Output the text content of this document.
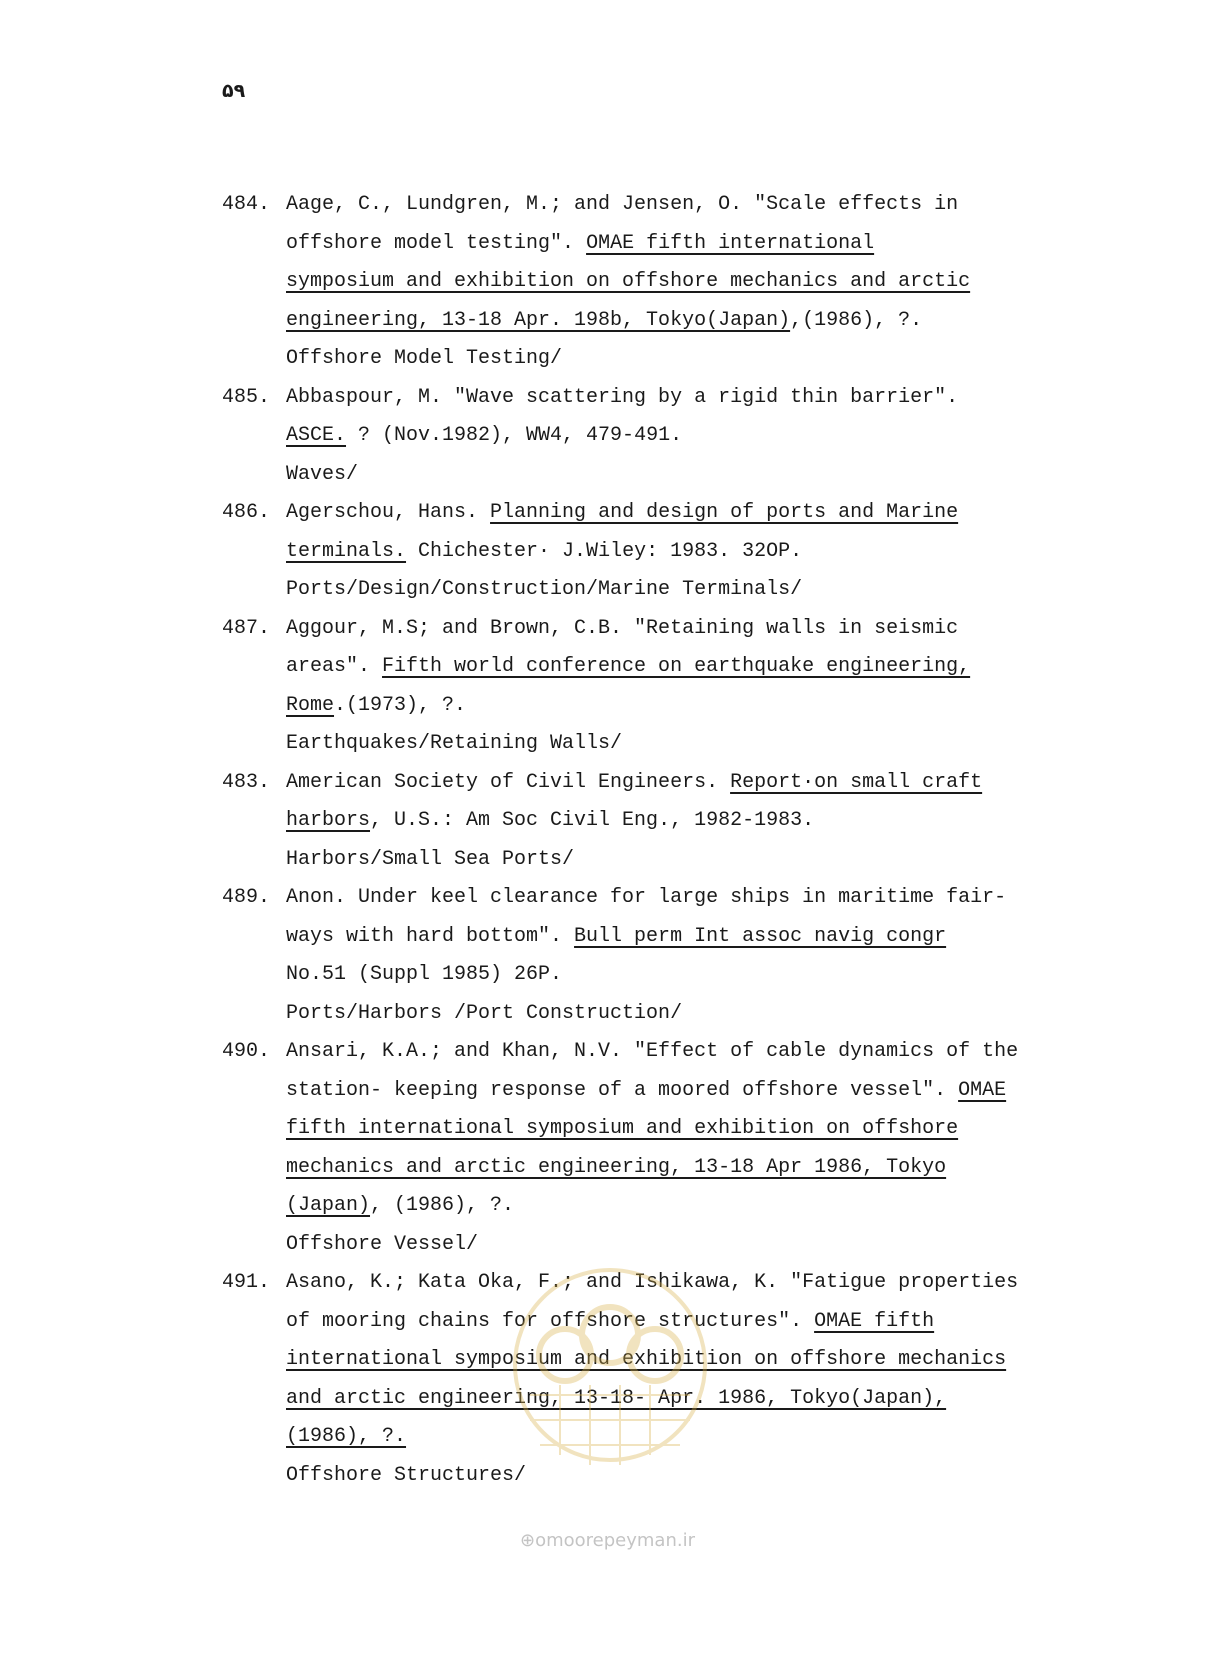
۵۹
484. Aage, C., Lundgren, M.; and Jensen, O. "Scale effects in
offshore model testing". OMAE fifth international
symposium and exhibition on offshore mechanics and arctic
engineering, 13-18 Apr. 198b, Tokyo(Japan),(1986), ?.
Offshore Model Testing/
485. Abbaspour, M. "Wave scattering by a rigid thin barrier".
ASCE. ? (Nov.1982), WW4, 479-491.
Waves/
486. Agerschou, Hans. Planning and design of ports and Marine
terminals. Chichester· J.Wiley: 1983. 32OP.
Ports/Design/Construction/Marine Terminals/
487. Aggour, M.S; and Brown, C.B. "Retaining walls in seismic
areas". Fifth world conference on earthquake engineering,
Rome.(1973), ?.
Earthquakes/Retaining Walls/
483. American Society of Civil Engineers. Report·on small craft
harbors, U.S.: Am Soc Civil Eng., 1982-1983.
Harbors/Small Sea Ports/
489. Anon. Under keel clearance for large ships in maritime fair-
ways with hard bottom". Bull perm Int assoc navig congr
No.51 (Suppl 1985) 26P.
Ports/Harbors /Port Construction/
490. Ansari, K.A.; and Khan, N.V. "Effect of cable dynamics of the
station- keeping response of a moored offshore vessel". OMAE
fifth international symposium and exhibition on offshore
mechanics and arctic engineering, 13-18 Apr 1986, Tokyo
(Japan), (1986), ?.
Offshore Vessel/
491. Asano, K.; Kata Oka, F.; and Ishikawa, K. "Fatigue properties
of mooring chains for offshore structures". OMAE fifth
international symposium and exhibition on offshore mechanics
and arctic engineering, 13-18- Apr. 1986, Tokyo(Japan),
(1986), ?.
Offshore Structures/
⊕omoorepeyman.ir
